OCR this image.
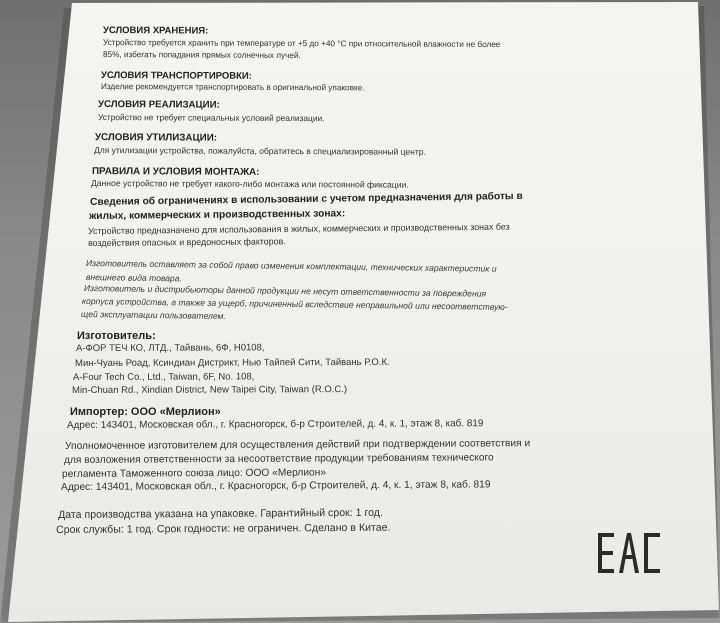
УСЛОВИЯ ХРАНЕНИЯ:
Устройство требуется хранить при температуре от +5 до +40 °С при относительной влажности не более
85%, избегать попадания прямых солнечных лучей.
УСЛОВИЯ ТРАНСПОРТИРОВКИ:
Изделие рекомендуется транспортировать в оригинальной упаковке.
УСЛОВИЯ РЕАЛИЗАЦИИ:
Устройство не требует специальных условий реализации.
УСЛОВИЯ УТИЛИЗАЦИИ:
Для утилизации устройства, пожалуйста, обратитесь в специализированный центр.
ПРАВИЛА И УСЛОВИЯ МОНТАЖА:
Данное устройство не требует какого-либо монтажа или постоянной фиксации.
Сведения об ограничениях в использовании с учетом предназначения для работы в
жилых, коммерческих и производственных зонах:
Устройство предназначено для использования в жилых, коммерческих и производственных зонах без
воздействия опасных и вредоносных факторов.
Изготовитель оставляет за собой право изменения комплектации, технических характеристик и
внешнего вида товара.
Изготовитель и дистрибьюторы данной продукции не несут ответственности за повреждения
корпуса устройства, а также за ущерб, причиненный вследствие неправильной или несоответствую-
щей эксплуатации пользователем.
Изготовитель:
А-ФОР ТЕЧ КО, ЛТД., Тайвань, 6Ф, Н0108,
Мин-Чуань Роад, Ксиндиан Дистрикт, Нью Тайпей Сити, Тайвань Р.О.К.
A-Four Tech Co., Ltd., Taiwan, 6F, No. 108,
Min-Chuan Rd., Xindian District, New Taipei City, Taiwan (R.O.C.)
Импортер: ООО «Мерлион»
Адрес: 143401, Московская обл., г. Красногорск, б-р Строителей, д. 4, к. 1, этаж 8, каб. 819
Уполномоченное изготовителем для осуществления действий при подтверждении соответствия и
для возложения ответственности за несоответствие продукции требованиям технического
регламента Таможенного союза лицо: ООО «Мерлион»
Адрес: 143401, Московская обл., г. Красногорск, б-р Строителей, д. 4, к. 1, этаж 8, каб. 819
Дата производства указана на упаковке. Гарантийный срок: 1 год.
Срок службы: 1 год. Срок годности: не ограничен. Сделано в Китае.
